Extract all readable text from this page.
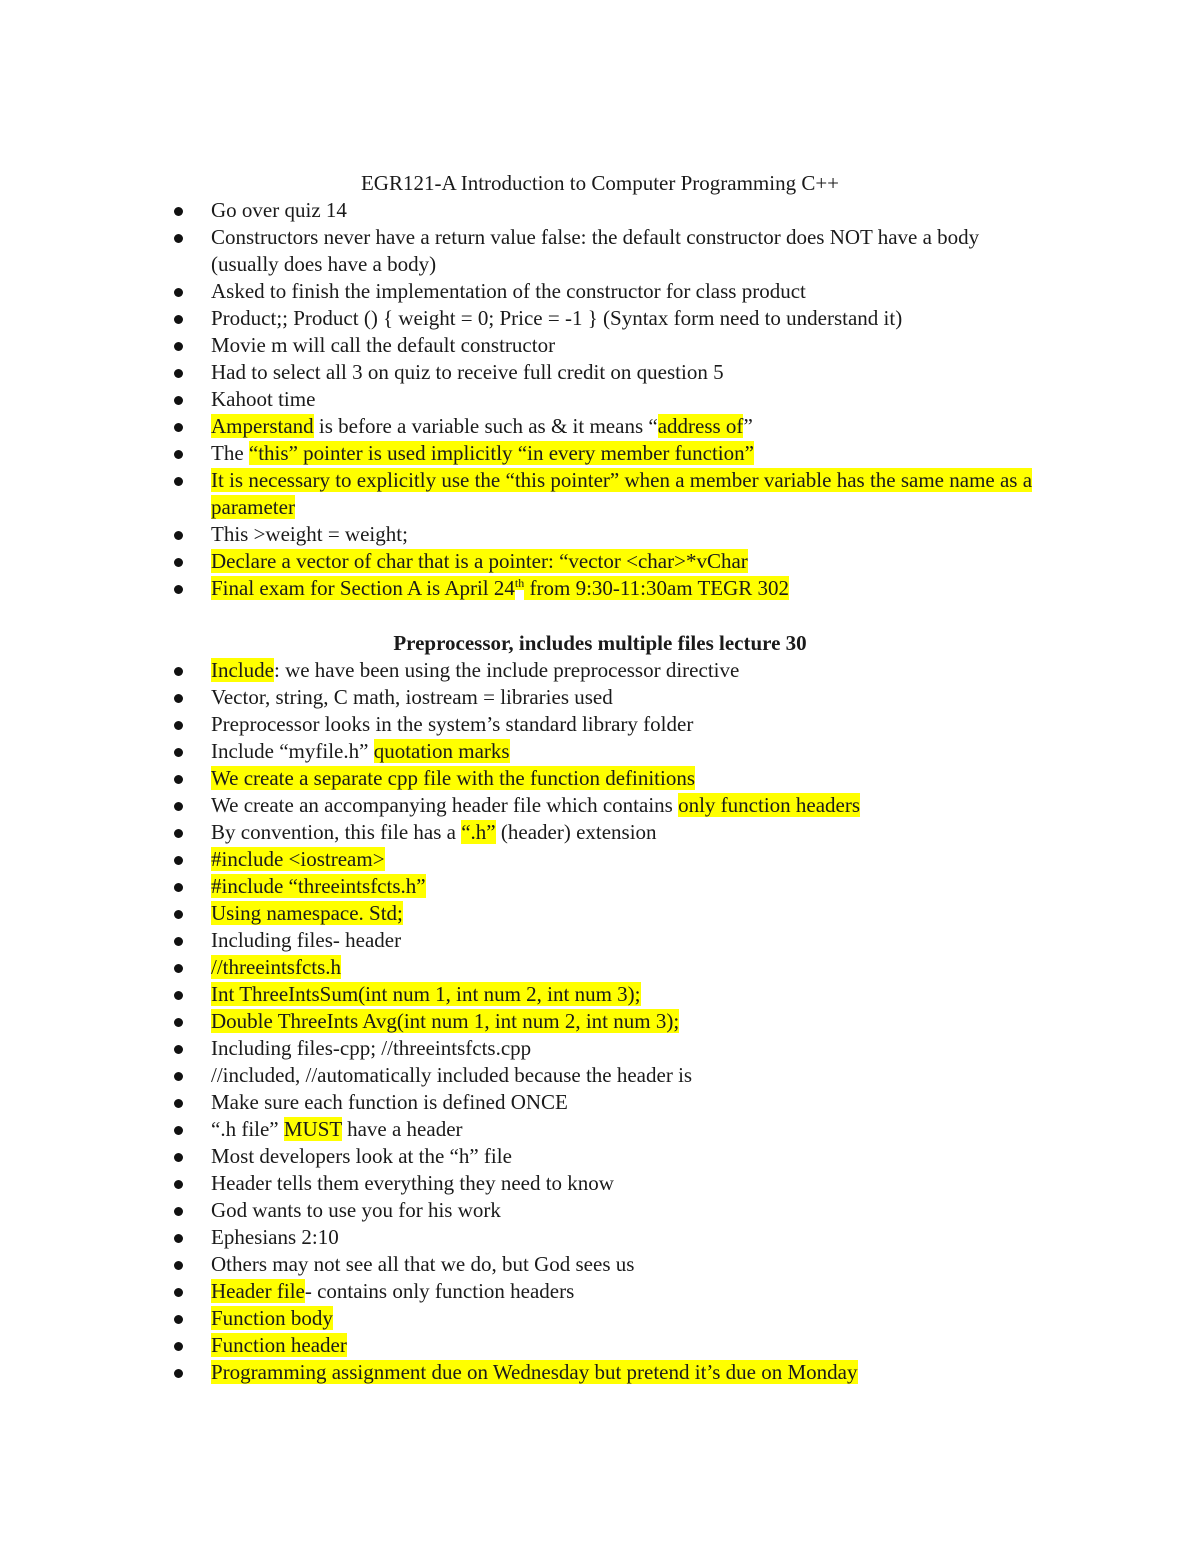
EGR121-A Introduction to Computer Programming C++
Go over quiz 14
Constructors never have a return value false: the default constructor does NOT have a body (usually does have a body)
Asked to finish the implementation of the constructor for class product
Product;; Product () { weight = 0; Price = -1 } (Syntax form need to understand it)
Movie m will call the default constructor
Had to select all 3 on quiz to receive full credit on question 5
Kahoot time
Amperstand is before a variable such as & it means “address of”
The “this” pointer is used implicitly “in every member function”
It is necessary to explicitly use the “this pointer” when a member variable has the same name as a parameter
This >weight = weight;
Declare a vector of char that is a pointer: “vector <char>*vChar
Final exam for Section A is April 24th from 9:30-11:30am TEGR 302
Preprocessor, includes multiple files lecture 30
Include: we have been using the include preprocessor directive
Vector, string, C math, iostream = libraries used
Preprocessor looks in the system’s standard library folder
Include “myfile.h” quotation marks
We create a separate cpp file with the function definitions
We create an accompanying header file which contains only function headers
By convention, this file has a “.h” (header) extension
#include <iostream>
#include “threeintsfcts.h”
Using namespace. Std;
Including files- header
//threeintsfcts.h
Int ThreeIntsSum(int num 1, int num 2, int num 3);
Double ThreeInts Avg(int num 1, int num 2, int num 3);
Including files-cpp; //threeintsfcts.cpp
//included, //automatically included because the header is
Make sure each function is defined ONCE
“.h file” MUST have a header
Most developers look at the “h” file
Header tells them everything they need to know
God wants to use you for his work
Ephesians 2:10
Others may not see all that we do, but God sees us
Header file- contains only function headers
Function body
Function header
Programming assignment due on Wednesday but pretend it’s due on Monday
